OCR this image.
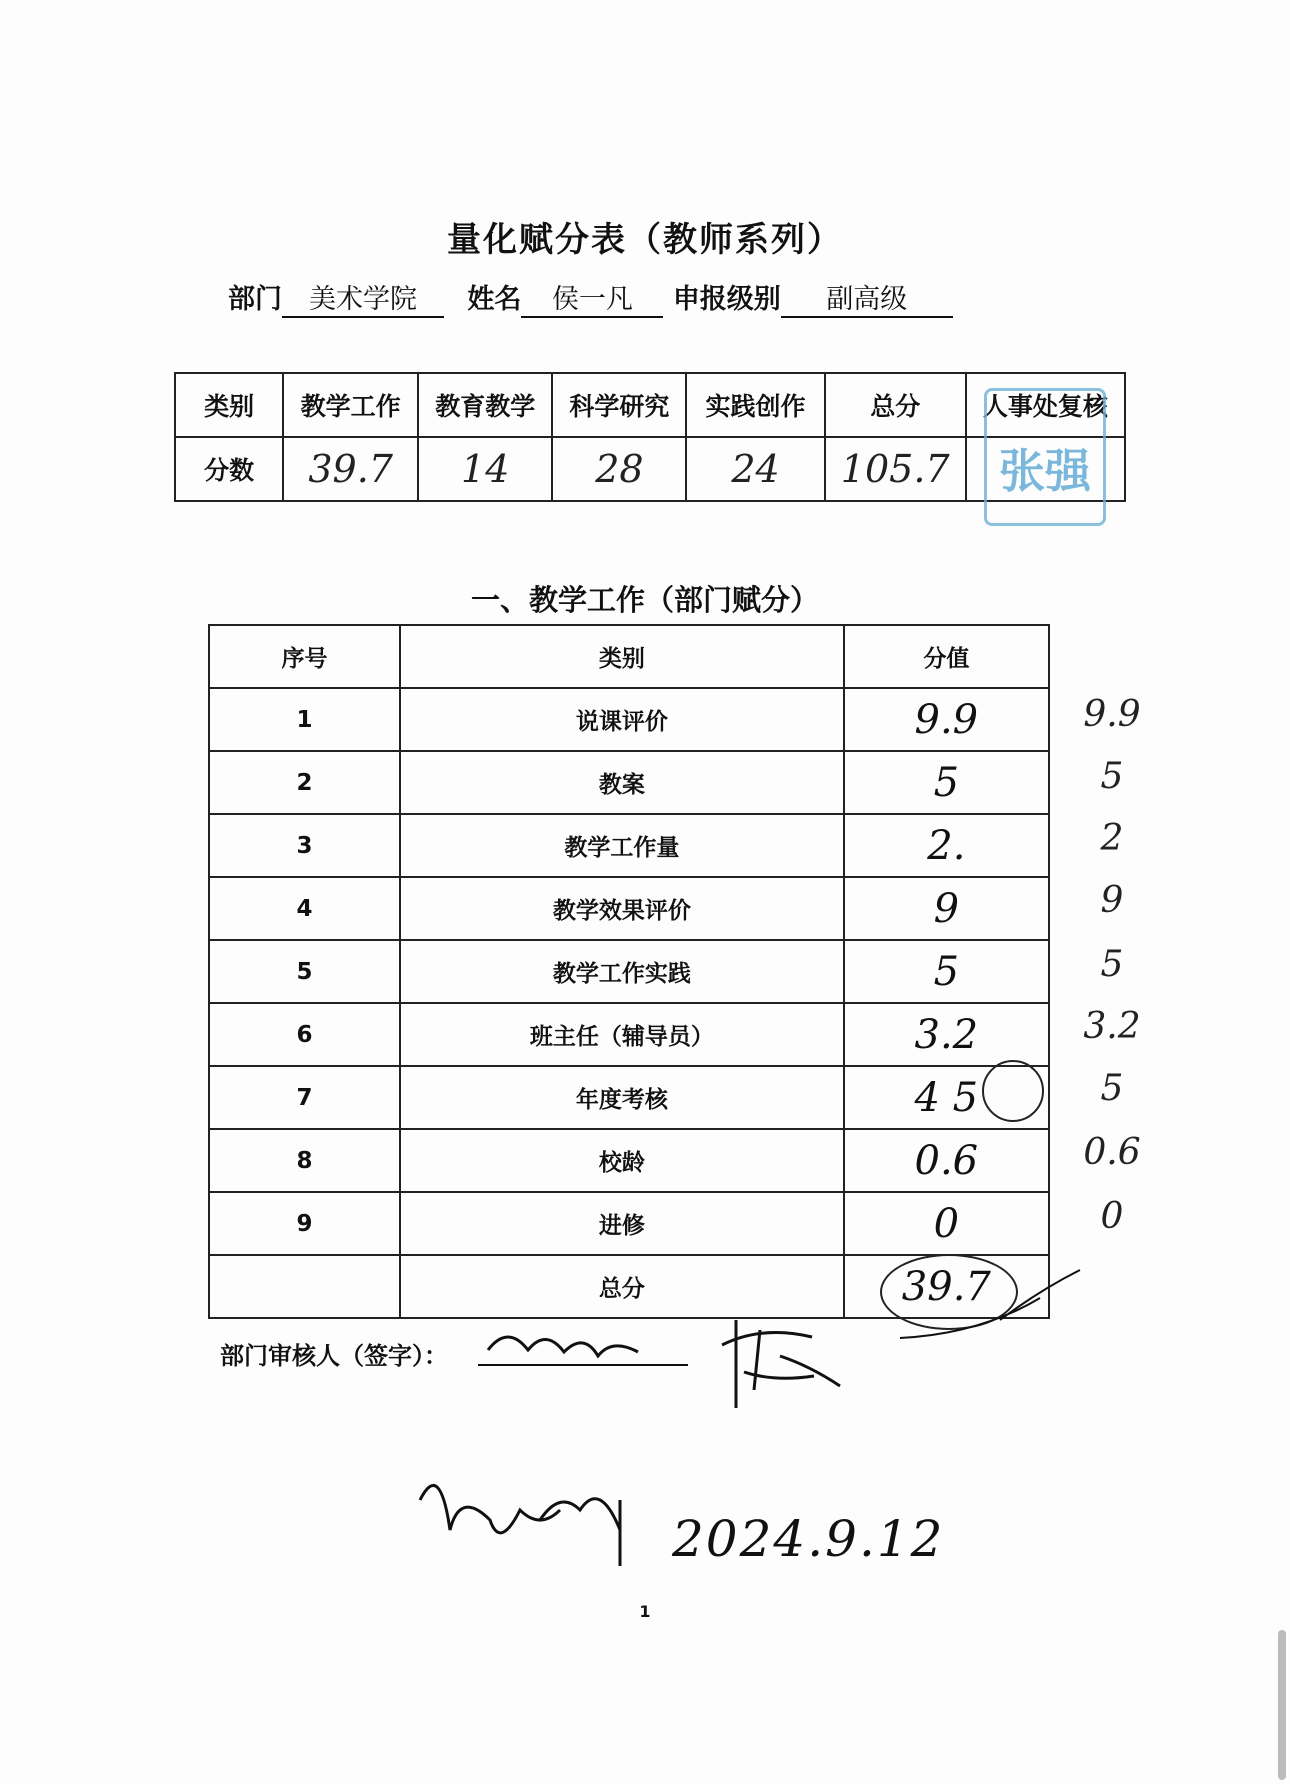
量化赋分表（教师系列）
部门 美术学院 姓名 侯一凡 申报级别 副高级
类别	教学工作	教育教学	科学研究	实践创作	总分	人事处复核
分数	39.7	14	28	24	105.7	张强
一、教学工作（部门赋分）
序号	类别	分值
1	说课评价	9.9
2	教案	5
3	教学工作量	2.
4	教学效果评价	9
5	教学工作实践	5
6	班主任（辅导员）	3.2
7	年度考核	4 5
8	校龄	0.6
9	进修	0
	总分	39.7
9.9
5
2
9
5
3.2
5
0.6
0
部门审核人（签字）：
2024.9.12
1
